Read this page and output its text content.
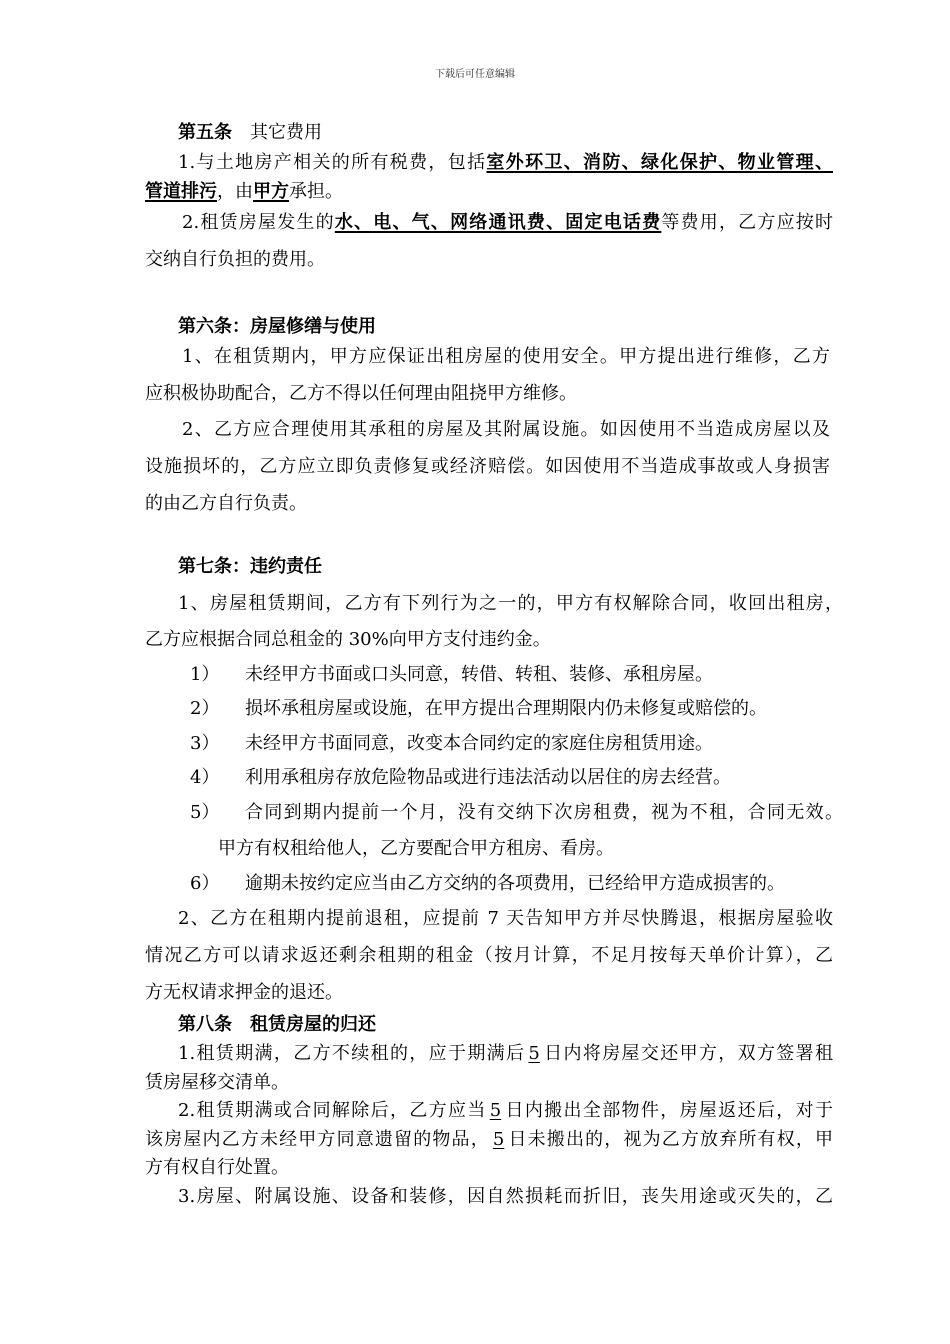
下载后可任意编辑
第五条 其它费用
1.与土地房产相关的所有税费，包括室外环卫、消防、绿化保护、物业管理、
管道排污，由甲方承担。
2.租赁房屋发生的水、电、气、网络通讯费、固定电话费等费用，乙方应按时
交纳自行负担的费用。
第六条：房屋修缮与使用
1、在租赁期内，甲方应保证出租房屋的使用安全。甲方提出进行维修，乙方
应积极协助配合，乙方不得以任何理由阻挠甲方维修。
2、乙方应合理使用其承租的房屋及其附属设施。如因使用不当造成房屋以及
设施损坏的，乙方应立即负责修复或经济赔偿。如因使用不当造成事故或人身损害
的由乙方自行负责。
第七条：违约责任
1、房屋租赁期间，乙方有下列行为之一的，甲方有权解除合同，收回出租房，
乙方应根据合同总租金的 30%向甲方支付违约金。
1） 未经甲方书面或口头同意，转借、转租、装修、承租房屋。
2） 损坏承租房屋或设施，在甲方提出合理期限内仍未修复或赔偿的。
3） 未经甲方书面同意，改变本合同约定的家庭住房租赁用途。
4） 利用承租房存放危险物品或进行违法活动以居住的房去经营。
5） 合同到期内提前一个月，没有交纳下次房租费，视为不租，合同无效。
甲方有权租给他人，乙方要配合甲方租房、看房。
6） 逾期未按约定应当由乙方交纳的各项费用，已经给甲方造成损害的。
2、乙方在租期内提前退租，应提前 7 天告知甲方并尽快腾退，根据房屋验收
情况乙方可以请求返还剩余租期的租金（按月计算，不足月按每天单价计算），乙
方无权请求押金的退还。
第八条 租赁房屋的归还
1.租赁期满，乙方不续租的，应于期满后 5 日内将房屋交还甲方，双方签署租
赁房屋移交清单。
2.租赁期满或合同解除后，乙方应当 5 日内搬出全部物件，房屋返还后，对于
该房屋内乙方未经甲方同意遗留的物品， 5 日未搬出的，视为乙方放弃所有权，甲
方有权自行处置。
3.房屋、附属设施、设备和装修，因自然损耗而折旧，丧失用途或灭失的，乙
